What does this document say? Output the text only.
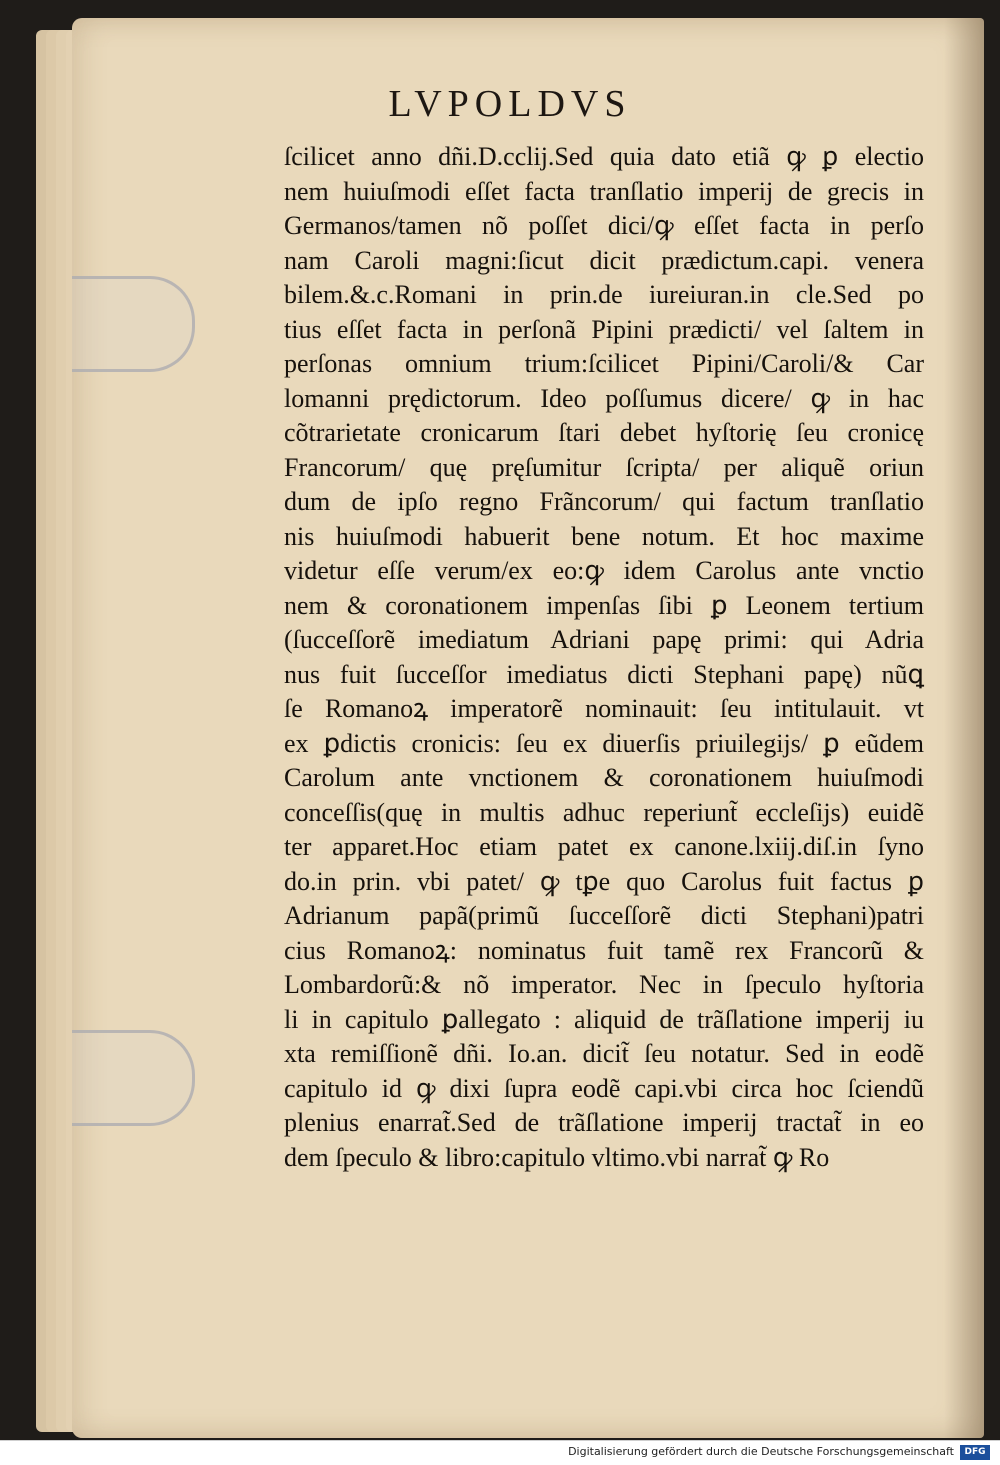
LVPOLDVS
ſcilicet anno dñi.D.cclij.Sed quia dato etiã ꝙ ꝑ electio
nem huiuſmodi eſſet facta tranſlatio imperij de grecis in
Germanos/tamen nõ poſſet dici/ꝙ eſſet facta in perſo
nam Caroli magni:ſicut dicit prædictum.capi. venera
bilem.&.c.Romani in prin.de iureiuran.in cle.Sed po
tius eſſet facta in perſonã Pipini prædicti/ vel ſaltem in
perſonas omnium trium:ſcilicet Pipini/Caroli/& Car
lomanni prędictorum. Ideo poſſumus dicere/ ꝙ in hac
cõtrarietate cronicarum ſtari debet hyſtorię ſeu cronicę
Francorum/ quę pręſumitur ſcripta/ per aliquẽ oriun
dum de ipſo regno Frãncorum/ qui factum tranſlatio
nis huiuſmodi habuerit bene notum. Et hoc maxime
videtur eſſe verum/ex eo:ꝙ idem Carolus ante vnctio
nem & coronationem impenſas ſibi ꝑ Leonem tertium
(ſucceſſorẽ imediatum Adriani papę primi: qui Adria
nus fuit ſucceſſor imediatus dicti Stephani papę) nũꝗ
ſe Romanoꝝ imperatorẽ nominauit: ſeu intitulauit. vt
ex ꝑdictis cronicis: ſeu ex diuerſis priuilegijs/ ꝑ eũdem
Carolum ante vnctionem & coronationem huiuſmodi
conceſſis(quę in multis adhuc reperiunt̃ eccleſijs) euidẽ
ter apparet.Hoc etiam patet ex canone.lxiij.diſ.in ſyno
do.in prin. vbi patet/ ꝙ tꝑe quo Carolus fuit factus ꝑ
Adrianum papã(primũ ſucceſſorẽ dicti Stephani)patri
cius Romanoꝝ: nominatus fuit tamẽ rex Francorũ &
Lombardorũ:& nõ imperator. Nec in ſpeculo hyſtoria
li in capitulo ꝑallegato : aliquid de trãſlatione imperij iu
xta remiſſionẽ dñi. Io.an. dicit̃ ſeu notatur. Sed in eodẽ
capitulo id ꝙ dixi ſupra eodẽ capi.vbi circa hoc ſciendũ
plenius enarrat̃.Sed de trãſlatione imperij tractat̃ in eo
dem ſpeculo & libro:capitulo vltimo.vbi narrat̃ ꝙ Ro
Digitalisierung gefördert durch die Deutsche Forschungsgemeinschaft	DFG
